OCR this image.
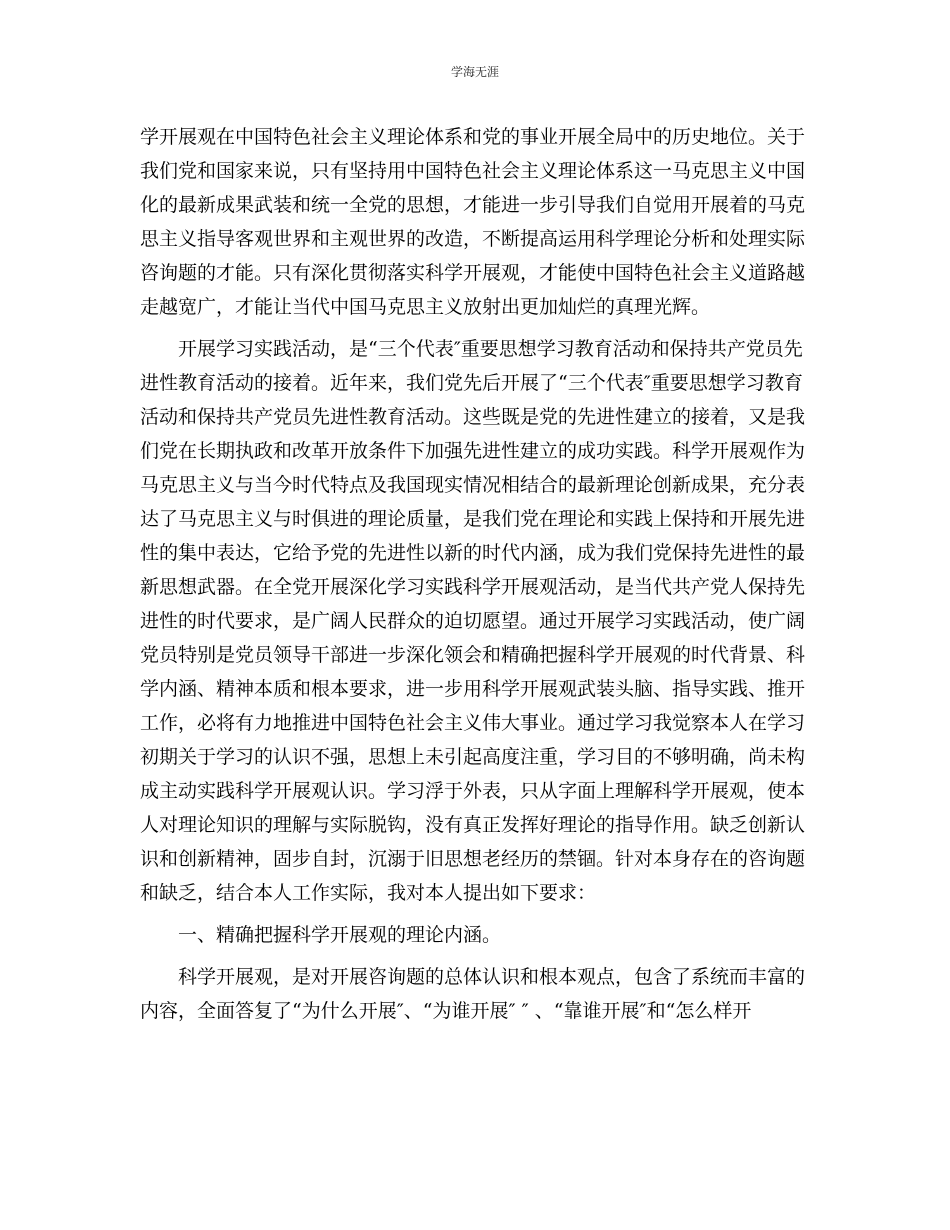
学海无涯
学开展观在中国特色社会主义理论体系和党的事业开展全局中的历史地位。关于
我们党和国家来说，只有坚持用中国特色社会主义理论体系这一马克思主义中国
化的最新成果武装和统一全党的思想，才能进一步引导我们自觉用开展着的马克
思主义指导客观世界和主观世界的改造，不断提高运用科学理论分析和处理实际
咨询题的才能。只有深化贯彻落实科学开展观，才能使中国特色社会主义道路越
走越宽广，才能让当代中国马克思主义放射出更加灿烂的真理光辉。
开展学习实践活动，是“三个代表″重要思想学习教育活动和保持共产党员先
进性教育活动的接着。近年来，我们党先后开展了“三个代表″重要思想学习教育
活动和保持共产党员先进性教育活动。这些既是党的先进性建立的接着，又是我
们党在长期执政和改革开放条件下加强先进性建立的成功实践。科学开展观作为
马克思主义与当今时代特点及我国现实情况相结合的最新理论创新成果，充分表
达了马克思主义与时俱进的理论质量，是我们党在理论和实践上保持和开展先进
性的集中表达，它给予党的先进性以新的时代内涵，成为我们党保持先进性的最
新思想武器。在全党开展深化学习实践科学开展观活动，是当代共产党人保持先
进性的时代要求，是广阔人民群众的迫切愿望。通过开展学习实践活动，使广阔
党员特别是党员领导干部进一步深化领会和精确把握科学开展观的时代背景、科
学内涵、精神本质和根本要求，进一步用科学开展观武装头脑、指导实践、推开
工作，必将有力地推进中国特色社会主义伟大事业。通过学习我觉察本人在学习
初期关于学习的认识不强，思想上未引起高度注重，学习目的不够明确，尚未构
成主动实践科学开展观认识。学习浮于外表，只从字面上理解科学开展观，使本
人对理论知识的理解与实际脱钩，没有真正发挥好理论的指导作用。缺乏创新认
识和创新精神，固步自封，沉溺于旧思想老经历的禁锢。针对本身存在的咨询题
和缺乏，结合本人工作实际，我对本人提出如下要求：
一、精确把握科学开展观的理论内涵。
科学开展观，是对开展咨询题的总体认识和根本观点，包含了系统而丰富的
内容，全面答复了“为什么开展″、“为谁开展″ ″ 、“靠谁开展″和“怎么样开
